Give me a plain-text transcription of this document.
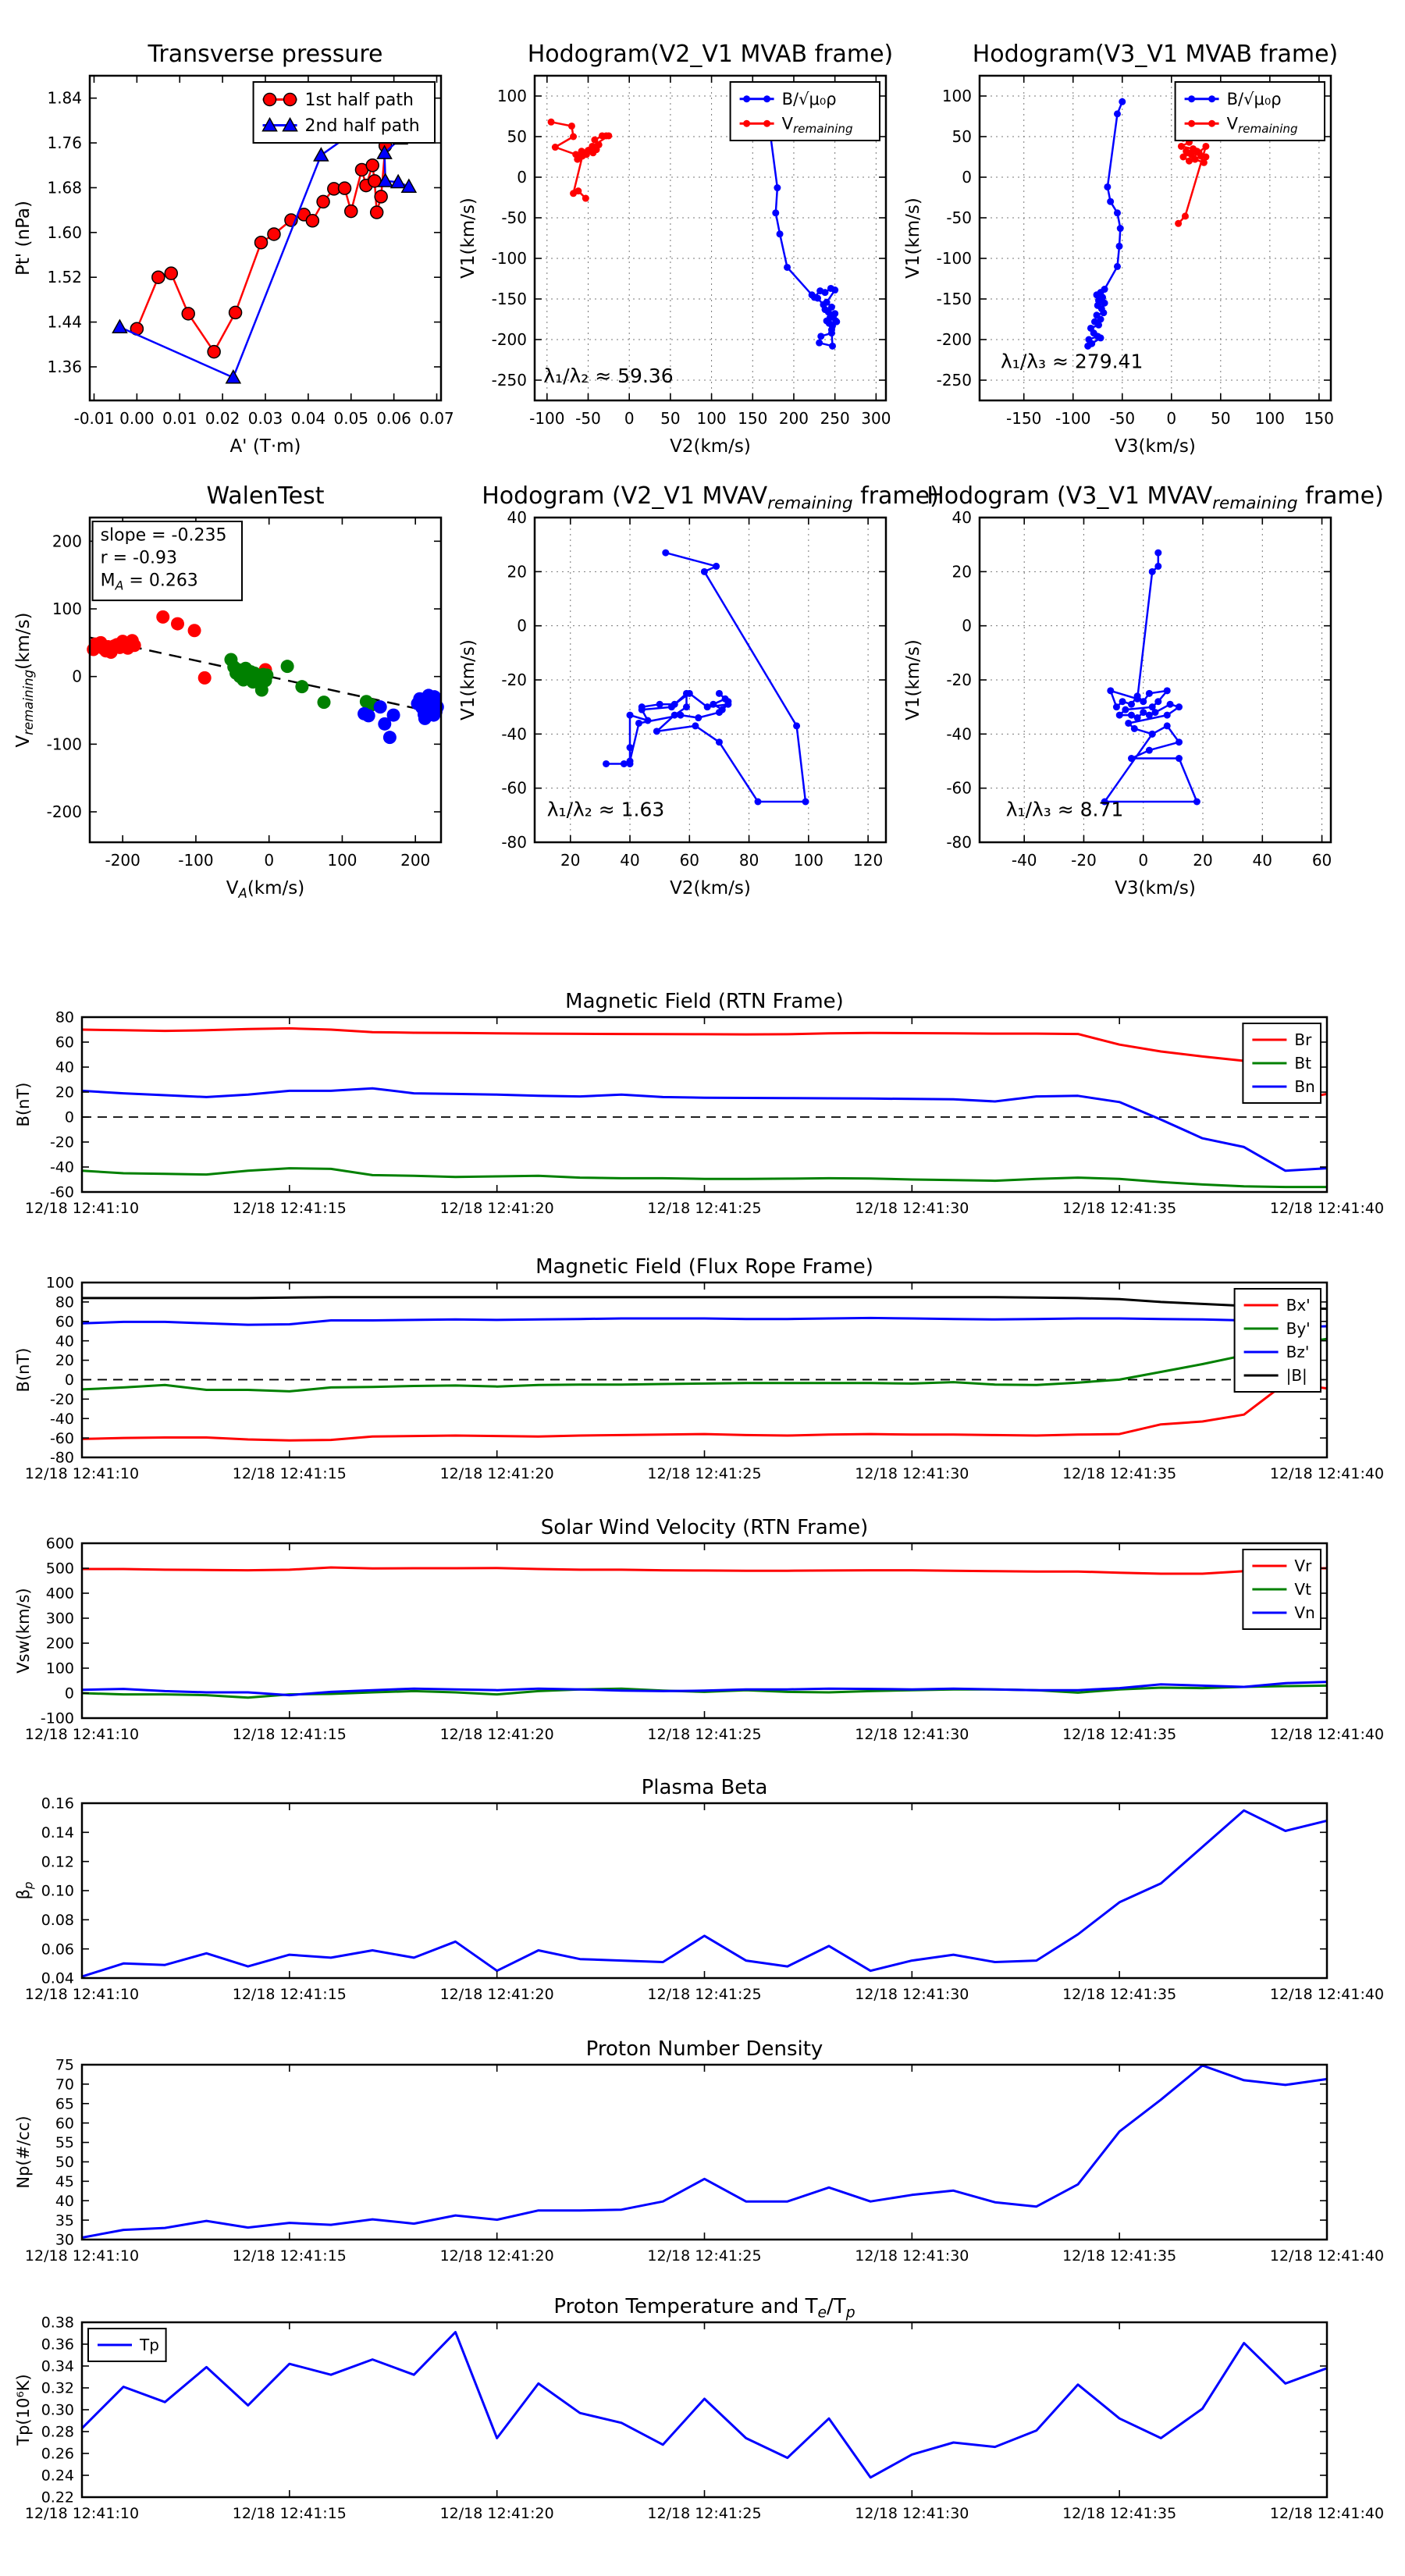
-0.01 0.00 0.01 0.02 0.03 0.04 0.05 0.06 0.07
1.36
1.44
1.52
1.60
1.68
1.76
1.84
Transverse pressure
A' (T·m)
Pt' (nPa)
1st half path
2nd half path
-100 -50 0 50 100 150 200 250 300
-250
-200
-150
-100
-50
0
50
100
Hodogram(V2_V1 MVAB frame)
V2(km/s)
V1(km/s)
B/√μ₀ρ
$V_{remaining}$
λ₁/λ₂ ≈ 59.36
-150 -100 -50 0 50 100 150
-250
-200
-150
-100
-50
0
50
100
Hodogram(V3_V1 MVAB frame)
V3(km/s)
V1(km/s)
B/√μ₀ρ
$V_{remaining}$
λ₁/λ₃ ≈ 279.41
-200 -100	0	100	200
-200
-100
0
100
200
WalenTest
$V_A(km/s)$
$V_{remaining}(km/s)$
slope = -0.235
r = -0.93
$M_A = 0.263$
20	40	60	80 100 120
-80
-60
-40
-20
0
20
40
Hodogram (V2_V1 $MVAV_{remaining}$ frame)
V2(km/s)
V1(km/s)
λ₁/λ₂ ≈ 1.63
-40 -20	0	20	40	60
-80
-60
-40
-20
0
20
40
Hodogram (V3_V1 $MVAV_{remaining}$ frame)
V3(km/s)
V1(km/s)
λ₁/λ₃ ≈ 8.71
12/18 12:41:10	12/18 12:41:15	12/18 12:41:20	12/18 12:41:25	12/18 12:41:30	12/18 12:41:35	12/18 12:41:40
-60
-40
-20
0
20
40
60
80
Magnetic Field (RTN Frame)
B(nT)
Br
Bt
Bn
12/18 12:41:10	12/18 12:41:15	12/18 12:41:20	12/18 12:41:25	12/18 12:41:30	12/18 12:41:35	12/18 12:41:40
-80
-60
-40
-20
0
20
40
60
80
100
Magnetic Field (Flux Rope Frame)
B(nT)
Bx'
By'
Bz'
|B|
12/18 12:41:10	12/18 12:41:15	12/18 12:41:20	12/18 12:41:25	12/18 12:41:30	12/18 12:41:35	12/18 12:41:40
-100
0
100
200
300
400
500
600
Solar Wind Velocity (RTN Frame)
Vsw(km/s)
Vr
Vt
Vn
12/18 12:41:10	12/18 12:41:15	12/18 12:41:20	12/18 12:41:25	12/18 12:41:30	12/18 12:41:35	12/18 12:41:40
0.04
0.06
0.08
0.10
0.12
0.14
0.16
Plasma Beta
$\beta_p$
12/18 12:41:10	12/18 12:41:15	12/18 12:41:20	12/18 12:41:25	12/18 12:41:30	12/18 12:41:35	12/18 12:41:40
30
35
40
45
50
55
60
65
70
75
Proton Number Density
Np(#/cc)
12/18 12:41:10	12/18 12:41:15	12/18 12:41:20	12/18 12:41:25	12/18 12:41:30	12/18 12:41:35	12/18 12:41:40
0.22
0.24
0.26
0.28
0.30
0.32
0.34
0.36
0.38
Proton Temperature and $T_e/T_p$
Tp(10⁶K)
Tp
